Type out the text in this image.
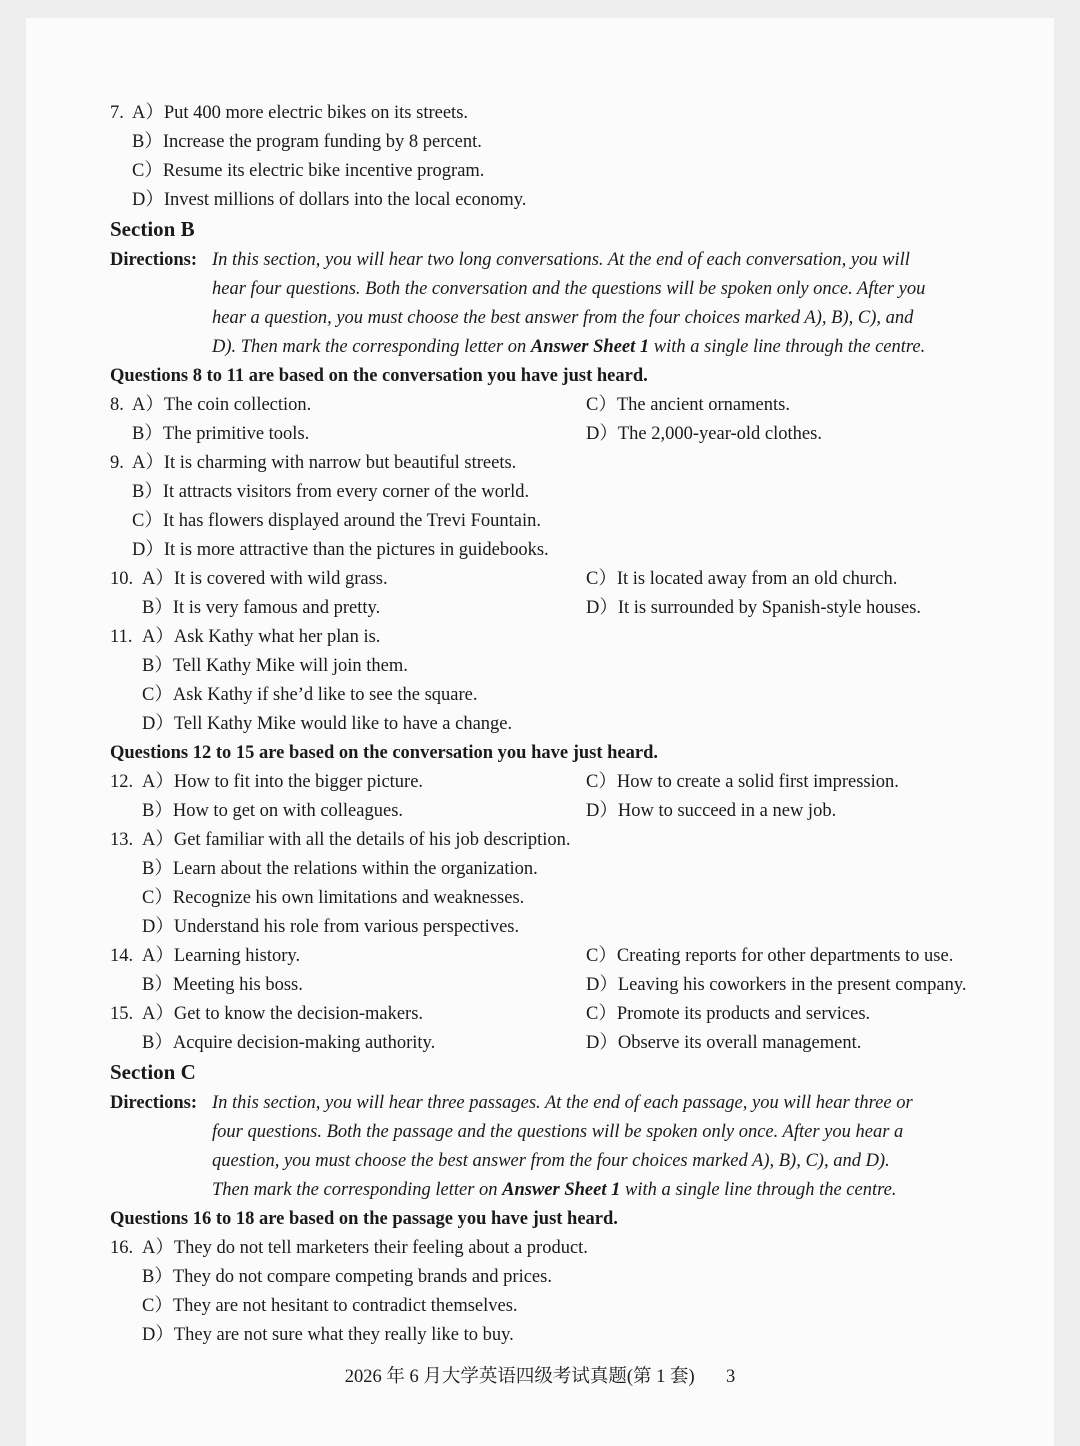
7. A）Put 400 more electric bikes on its streets.
B）Increase the program funding by 8 percent.
C）Resume its electric bike incentive program.
D）Invest millions of dollars into the local economy.
Section B
Directions: In this section, you will hear two long conversations. At the end of each conversation, you will
hear four questions. Both the conversation and the questions will be spoken only once. After you
hear a question, you must choose the best answer from the four choices marked A), B), C), and
D). Then mark the corresponding letter on Answer Sheet 1 with a single line through the centre.
Questions 8 to 11 are based on the conversation you have just heard.
8. A）The coin collection.	C）The ancient ornaments.
B）The primitive tools.	D）The 2,000-year-old clothes.
9. A）It is charming with narrow but beautiful streets.
B）It attracts visitors from every corner of the world.
C）It has flowers displayed around the Trevi Fountain.
D）It is more attractive than the pictures in guidebooks.
10. A）It is covered with wild grass.	C）It is located away from an old church.
B）It is very famous and pretty.	D）It is surrounded by Spanish-style houses.
11. A）Ask Kathy what her plan is.
B）Tell Kathy Mike will join them.
C）Ask Kathy if she’d like to see the square.
D）Tell Kathy Mike would like to have a change.
Questions 12 to 15 are based on the conversation you have just heard.
12. A）How to fit into the bigger picture.	C）How to create a solid first impression.
B）How to get on with colleagues.	D）How to succeed in a new job.
13. A）Get familiar with all the details of his job description.
B）Learn about the relations within the organization.
C）Recognize his own limitations and weaknesses.
D）Understand his role from various perspectives.
14. A）Learning history.	C）Creating reports for other departments to use.
B）Meeting his boss.	D）Leaving his coworkers in the present company.
15. A）Get to know the decision-makers.	C）Promote its products and services.
B）Acquire decision-making authority.	D）Observe its overall management.
Section C
Directions: In this section, you will hear three passages. At the end of each passage, you will hear three or
four questions. Both the passage and the questions will be spoken only once. After you hear a
question, you must choose the best answer from the four choices marked A), B), C), and D).
Then mark the corresponding letter on Answer Sheet 1 with a single line through the centre.
Questions 16 to 18 are based on the passage you have just heard.
16. A）They do not tell marketers their feeling about a product.
B）They do not compare competing brands and prices.
C）They are not hesitant to contradict themselves.
D）They are not sure what they really like to buy.
2026 年 6 月大学英语四级考试真题(第 1 套) 3
